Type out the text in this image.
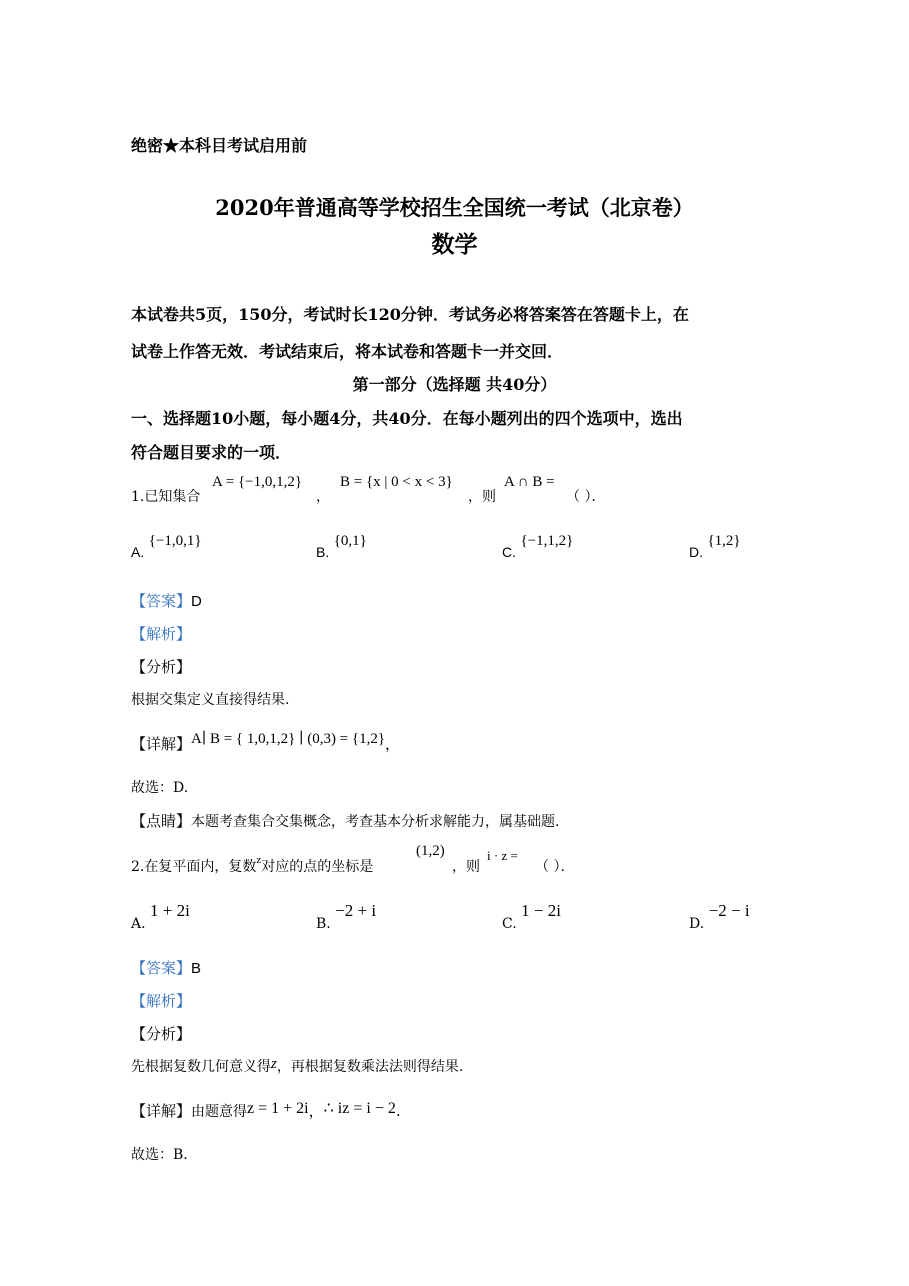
绝密★本科目考试启用前
2020年普通高等学校招生全国统一考试（北京卷）
数学
本试卷共5页，150分，考试时长120分钟．考试务必将答案答在答题卡上，在
试卷上作答无效．考试结束后，将本试卷和答题卡一并交回．
第一部分（选择题 共40分）
一、选择题10小题，每小题4分，共40分．在每小题列出的四个选项中，选出
符合题目要求的一项．
1.已知集合
A = {−1,0,1,2}
，
B = {x | 0 < x < 3}
，则
A ∩ B =
（ ）．
A. {−1,0,1}
B. {0,1}
C. {−1,1,2}
D. {1,2}
【答案】D
【解析】
【分析】
根据交集定义直接得结果.
【详解】A∣ B = { 1,0,1,2} ∣ (0,3) = {1,2}，
故选：D.
【点睛】本题考查集合交集概念，考查基本分析求解能力，属基础题.
2.在复平面内，复数$^z$对应的点的坐标是
(1,2)
，则
i · z =
（ ）．
A. 1 + 2i
B. −2 + i
C. 1 − 2i
D. −2 − i
【答案】B
【解析】
【分析】
先根据复数几何意义得z，再根据复数乘法法则得结果.
【详解】由题意得z = 1 + 2i，∴ iz = i − 2.
故选：B.
